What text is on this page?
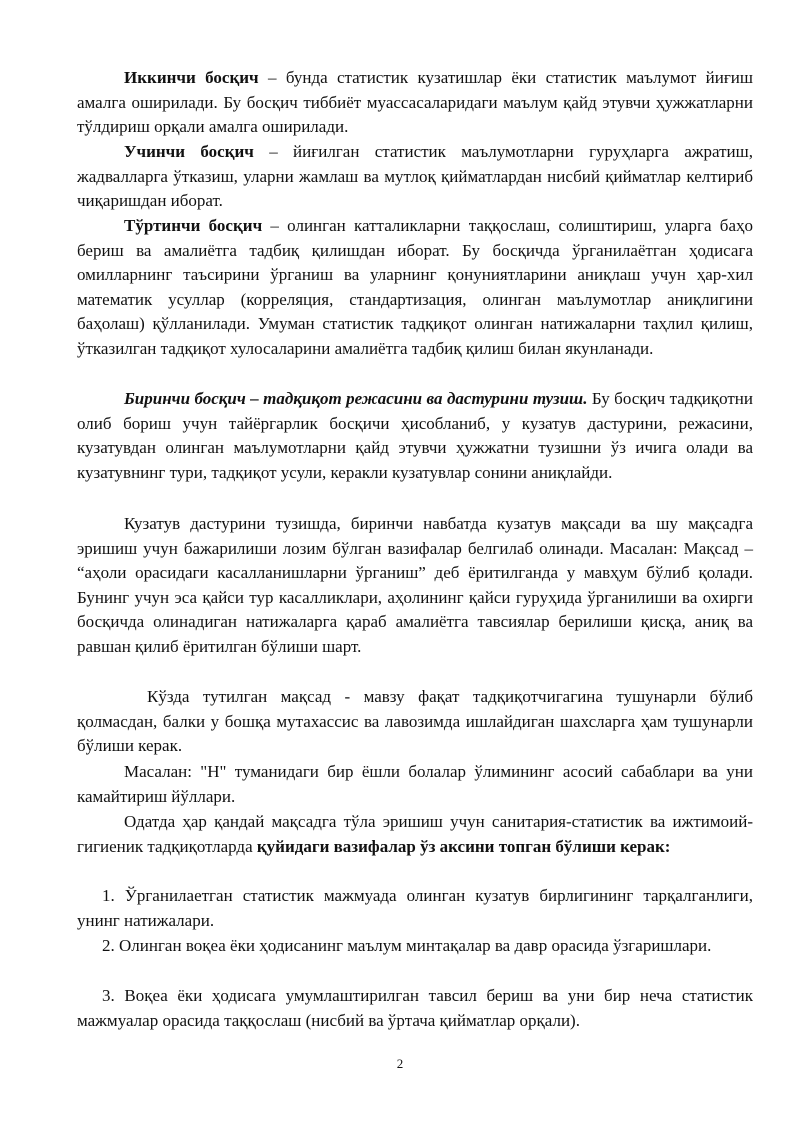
Иккинчи босқич – бунда статистик кузатишлар ёки статистик маълумот йиғиш амалга оширилади. Бу босқич тиббиёт муассасаларидаги маълум қайд этувчи ҳужжатларни тўлдириш орқали амалга оширилади.

Учинчи босқич – йиғилган статистик маълумотларни гуруҳларга ажратиш, жадвалларга ўтказиш, уларни жамлаш ва мутлоқ қийматлардан нисбий қийматлар келтириб чиқаришдан иборат.

Тўртинчи босқич – олинган катталикларни таққослаш, солиштириш, уларга баҳо бериш ва амалиётга тадбиқ қилишдан иборат. Бу босқичда ўрганилаётган ҳодисага омилларнинг таъсирини ўрганиш ва уларнинг қонуниятларини аниқлаш учун ҳар-хил математик усуллар (корреляция, стандартизация, олинган маълумотлар аниқлигини баҳолаш) қўлланилади. Умуман статистик тадқиқот олинган натижаларни таҳлил қилиш, ўтказилган тадқиқот хулосаларини амалиётга тадбиқ қилиш билан якунланади.

Биринчи босқич – тадқиқот режасини ва дастурини тузиш. Бу босқич тадқиқотни олиб бориш учун тайёргарлик босқичи ҳисобланиб, у кузатув дастурини, режасини, кузатувдан олинган маълумотларни қайд этувчи ҳужжатни тузишни ўз ичига олади ва кузатувнинг тури, тадқиқот усули, керакли кузатувлар сонини аниқлайди.

Кузатув дастурини тузишда, биринчи навбатда кузатув мақсади ва шу мақсадга эришиш учун бажарилиши лозим бўлган вазифалар белгилаб олинади. Масалан: Мақсад – “аҳоли орасидаги касалланишларни ўрганиш” деб ёритилганда у мавҳум бўлиб қолади. Бунинг учун эса қайси тур касалликлари, аҳолининг қайси гуруҳида ўрганилиши ва охирги босқичда олинадиган натижаларга қараб амалиётга тавсиялар берилиши қисқа, аниқ ва равшан қилиб ёритилган бўлиши шарт.

Кўзда тутилган мақсад - мавзу фақат тадқиқотчигагина тушунарли бўлиб қолмасдан, балки у бошқа мутахассис ва лавозимда ишлайдиган шахсларга ҳам тушунарли бўлиши керак.

Масалан: "Н" туманидаги бир ёшли болалар ўлимининг асосий сабаблари ва уни камайтириш йўллари.

Одатда ҳар қандай мақсадга тўла эришиш учун санитария-статистик ва ижтимоий-гигиеник тадқиқотларда қуйидаги вазифалар ўз аксини топган бўлиши керак:

1. Ўрганилаетган статистик мажмуада олинган кузатув бирлигининг тарқалганлиги, унинг натижалари.

2. Олинган воқеа ёки ҳодисанинг маълум минтақалар ва давр орасида ўзгаришлари.

3. Воқеа ёки ҳодисага умумлаштирилган тавсил бериш ва уни бир неча статистик мажмуалар орасида таққослаш (нисбий ва ўртача қийматлар орқали).

2
